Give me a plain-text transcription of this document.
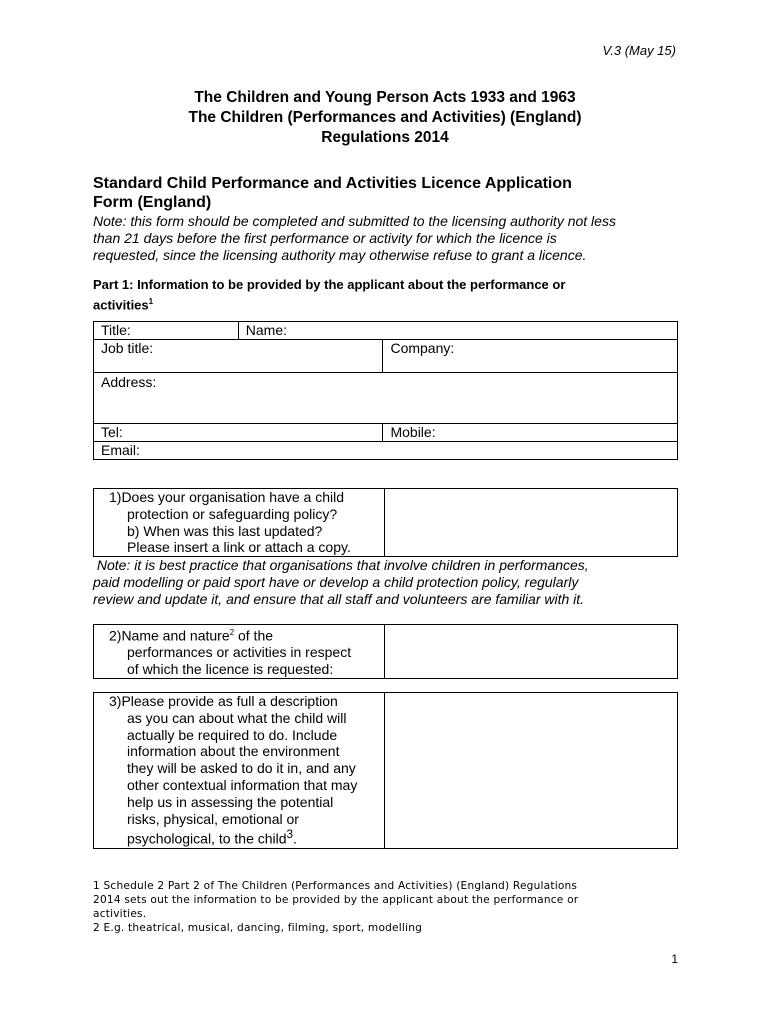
V.3 (May 15)
The Children and Young Person Acts 1933 and 1963
The Children (Performances and Activities) (England)
Regulations 2014
Standard Child Performance and Activities Licence Application
Form (England)
Note: this form should be completed and submitted to the licensing authority not less
than 21 days before the first performance or activity for which the licence is
requested, since the licensing authority may otherwise refuse to grant a licence.
Part 1: Information to be provided by the applicant about the performance or
activities$^1$
Title:	Name:	
Job title:		Company:
Address:		
Tel:		Mobile:
Email:		
1)Does your organisation have a child
protection or safeguarding policy?
b) When was this last updated?
Please insert a link or attach a copy.

Note: it is best practice that organisations that involve children in performances,
paid modelling or paid sport have or develop a child protection policy, regularly
review and update it, and ensure that all staff and volunteers are familiar with it.
2)Name and nature$^2$ of the
performances or activities in respect
of which the licence is requested:

3)Please provide as full a description
as you can about what the child will
actually be required to do. Include
information about the environment
they will be asked to do it in, and any
other contextual information that may
help us in assessing the potential
risks, physical, emotional or
psychological, to the child$^3$.

1 Schedule 2 Part 2 of The Children (Performances and Activities) (England) Regulations
2014 sets out the information to be provided by the applicant about the performance or
activities.
2 E.g. theatrical, musical, dancing, filming, sport, modelling
1
